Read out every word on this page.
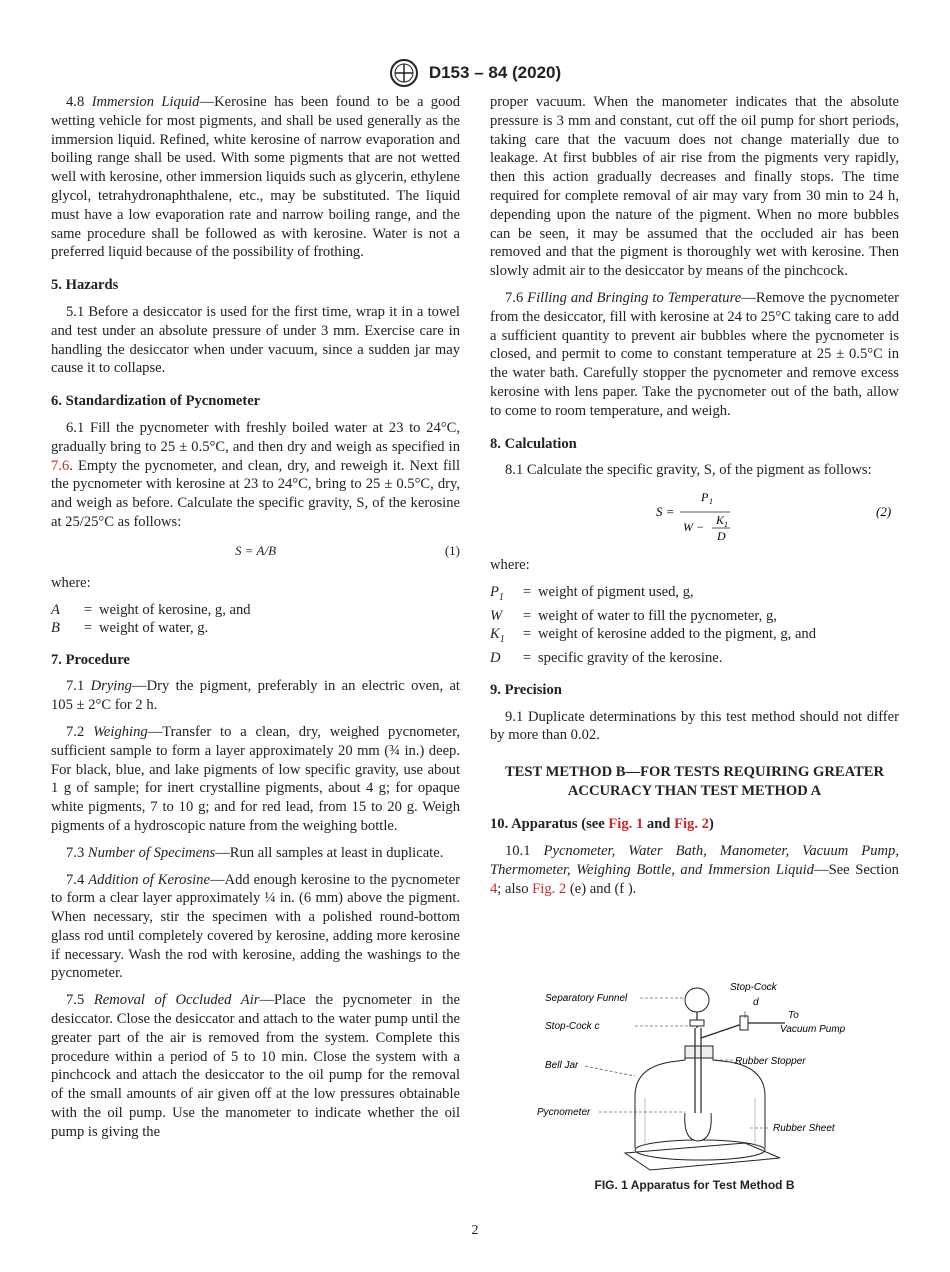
D153 – 84 (2020)

4.8 Immersion Liquid—Kerosine has been found to be a good wetting vehicle for most pigments, and shall be used generally as the immersion liquid. Refined, white kerosine of narrow evaporation and boiling range shall be used. With some pigments that are not wetted well with kerosine, other immersion liquids such as glycerin, ethylene glycol, tetrahydronaphthalene, etc., may be substituted. The liquid must have a low evaporation rate and narrow boiling range, and the same procedure shall be followed as with kerosine. Water is not a preferred liquid because of the possibility of frothing.

5. Hazards

5.1 Before a desiccator is used for the first time, wrap it in a towel and test under an absolute pressure of under 3 mm. Exercise care in handling the desiccator when under vacuum, since a sudden jar may cause it to collapse.

6. Standardization of Pycnometer

6.1 Fill the pycnometer with freshly boiled water at 23 to 24°C, gradually bring to 25 ± 0.5°C, and then dry and weigh as specified in 7.6. Empty the pycnometer, and clean, dry, and reweigh it. Next fill the pycnometer with kerosine at 23 to 24°C, bring to 25 ± 0.5°C, dry, and weigh as before. Calculate the specific gravity, S, of the kerosine at 25/25°C as follows:

S = A/B	(1)

where:

A	=	weight of kerosine, g, and
B	=	weight of water, g.
7. Procedure

7.1 Drying—Dry the pigment, preferably in an electric oven, at 105 ± 2°C for 2 h.

7.2 Weighing—Transfer to a clean, dry, weighed pycnometer, sufficient sample to form a layer approximately 20 mm (¾ in.) deep. For black, blue, and lake pigments of low specific gravity, use about 1 g of sample; for inert crystalline pigments, about 4 g; for opaque white pigments, 7 to 10 g; and for red lead, from 15 to 20 g. Weigh pigments of a hydroscopic nature from the weighing bottle.

7.3 Number of Specimens—Run all samples at least in duplicate.

7.4 Addition of Kerosine—Add enough kerosine to the pycnometer to form a clear layer approximately ¼ in. (6 mm) above the pigment. When necessary, stir the specimen with a polished round-bottom glass rod until completely covered by kerosine, adding more kerosine if necessary. Wash the rod with kerosine, adding the washings to the pycnometer.

7.5 Removal of Occluded Air—Place the pycnometer in the desiccator. Close the desiccator and attach to the water pump until the greater part of the air is removed from the system. Complete this procedure within a period of 5 to 10 min. Close the system with a pinchcock and attach the desiccator to the oil pump for the removal of the small amounts of air given off at the low pressures obtainable with the oil pump. Use the manometer to indicate whether the oil pump is giving the

proper vacuum. When the manometer indicates that the absolute pressure is 3 mm and constant, cut off the oil pump for short periods, taking care that the vacuum does not change materially due to leakage. At first bubbles of air rise from the pigments very rapidly, then this action gradually decreases and finally stops. The time required for complete removal of air may vary from 30 min to 24 h, depending upon the nature of the pigment. When no more bubbles can be seen, it may be assumed that the occluded air has been removed and that the pigment is thoroughly wet with kerosine. Then slowly admit air to the desiccator by means of the pinchcock.

7.6 Filling and Bringing to Temperature—Remove the pycnometer from the desiccator, fill with kerosine at 24 to 25°C taking care to add a sufficient quantity to prevent air bubbles where the pycnometer is closed, and permit to come to constant temperature at 25 ± 0.5°C in the water bath. Carefully stopper the pycnometer and remove excess kerosine with lens paper. Take the pycnometer out of the bath, allow to come to room temperature, and weigh.

8. Calculation

8.1 Calculate the specific gravity, S, of the pigment as follows:

S =
P 1
W − K 1
D
(2)

where:

$P_1$	=	weight of pigment used, g,
W	=	weight of water to fill the pycnometer, g,
$K_1$	=	weight of kerosine added to the pigment, g, and
D	=	specific gravity of the kerosine.
9. Precision

9.1 Duplicate determinations by this test method should not differ by more than 0.02.

TEST METHOD B—FOR TESTS REQUIRING GREATER ACCURACY THAN TEST METHOD A
10. Apparatus (see Fig. 1 and Fig. 2)

10.1 Pycnometer, Water Bath, Manometer, Vacuum Pump, Thermometer, Weighing Bottle, and Immersion Liquid—See Section 4; also Fig. 2 (e) and (f ).

Separatory Funnel
Stop-Cock
d
To
Vacuum Pump
Stop-Cock c
Rubber Stopper
Bell Jar
Pycnometer
Rubber Sheet
FIG. 1 Apparatus for Test Method B
2
